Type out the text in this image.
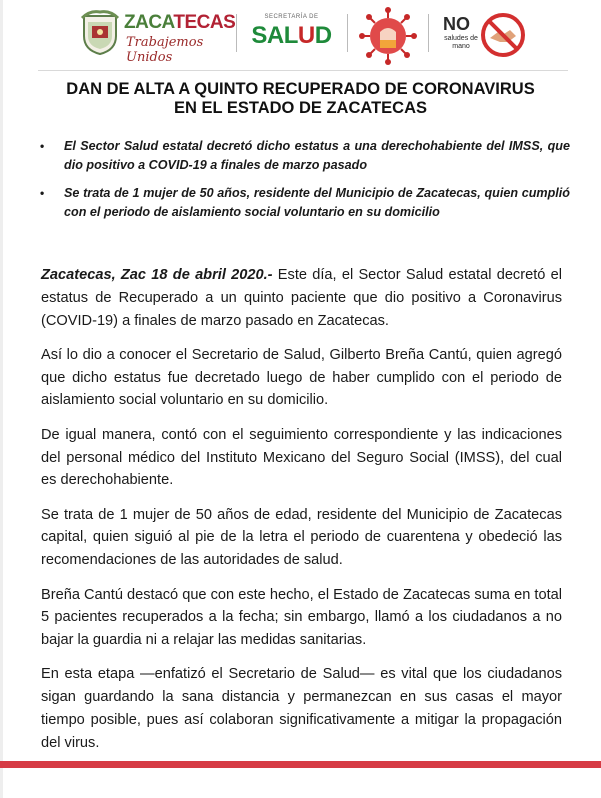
ZACATECAS
Trabajemos Unidos
SECRETARÍA DE
SALUD	NO
saludes de mano
DAN DE ALTA A QUINTO RECUPERADO DE CORONAVIRUS
EN EL ESTADO DE ZACATECAS
• El Sector Salud estatal decretó dicho estatus a una derechohabiente del IMSS, que dio positivo a COVID-19 a finales de marzo pasado
• Se trata de 1 mujer de 50 años, residente del Municipio de Zacatecas, quien cumplió con el periodo de aislamiento social voluntario en su domicilio

Zacatecas, Zac 18 de abril 2020.- Este día, el Sector Salud estatal decretó el estatus de Recuperado a un quinto paciente que dio positivo a Coronavirus (COVID-19) a finales de marzo pasado en Zacatecas.

Así lo dio a conocer el Secretario de Salud, Gilberto Breña Cantú, quien agregó que dicho estatus fue decretado luego de haber cumplido con el periodo de aislamiento social voluntario en su domicilio.

De igual manera, contó con el seguimiento correspondiente y las indicaciones del personal médico del Instituto Mexicano del Seguro Social (IMSS), del cual es derechohabiente.

Se trata de 1 mujer de 50 años de edad, residente del Municipio de Zacatecas capital, quien siguió al pie de la letra el periodo de cuarentena y obedeció las recomendaciones de las autoridades de salud.

Breña Cantú destacó que con este hecho, el Estado de Zacatecas suma en total 5 pacientes recuperados a la fecha; sin embargo, llamó a los ciudadanos a no bajar la guardia ni a relajar las medidas sanitarias.

En esta etapa —enfatizó el Secretario de Salud— es vital que los ciudadanos sigan guardando la sana distancia y permanezcan en sus casas el mayor tiempo posible, pues así colaboran significativamente a mitigar la propagación del virus.
